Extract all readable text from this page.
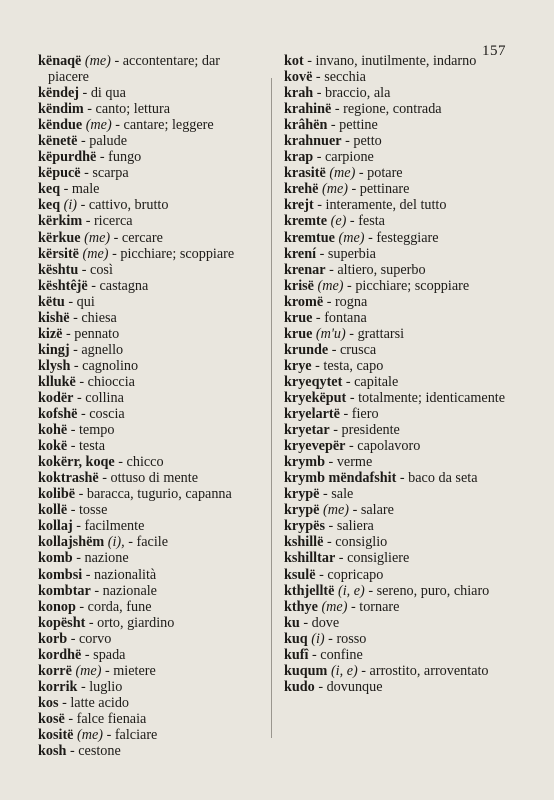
157
kënaqë (me) - accontentare; dar piacere
këndej - di qua
këndim - canto; lettura
këndue (me) - cantare; leggere
kënetë - palude
këpurdhë - fungo
këpucë - scarpa
keq - male
keq (i) - cattivo, brutto
kërkim - ricerca
kërkue (me) - cercare
kërsitë (me) - picchiare; scoppiare
kështu - così
kështêjë - castagna
këtu - qui
kishë - chiesa
kizë - pennato
kingj - agnello
klysh - cagnolino
kllukë - chioccia
kodër - collina
kofshë - coscia
kohë - tempo
kokë - testa
kokërr, koqe - chicco
koktrashë - ottuso di mente
kolibë - baracca, tugurio, capanna
kollë - tosse
kollaj - facilmente
kollajshëm (i), - facile
komb - nazione
kombsi - nazionalità
kombtar - nazionale
konop - corda, fune
kopësht - orto, giardino
korb - corvo
kordhë - spada
korrë (me) - mietere
korrik - luglio
kos - latte acido
kosë - falce fienaia
kositë (me) - falciare
kosh - cestone
kot - invano, inutilmente, indarno
kovë - secchia
krah - braccio, ala
krahinë - regione, contrada
krâhën - pettine
krahnuer - petto
krap - carpione
krasitë (me) - potare
krehë (me) - pettinare
krejt - interamente, del tutto
kremte (e) - festa
kremtue (me) - festeggiare
krení - superbia
krenar - altiero, superbo
krisë (me) - picchiare; scoppiare
kromë - rogna
krue - fontana
krue (m'u) - grattarsi
krunde - crusca
krye - testa, capo
kryeqytet - capitale
kryekëput - totalmente; identicamente
kryelartë - fiero
kryetar - presidente
kryevepër - capolavoro
krymb - verme
krymb mëndafshit - baco da seta
krypë - sale
krypë (me) - salare
krypës - saliera
kshillë - consiglio
kshilltar - consigliere
ksulë - copricapo
kthjelltë (i, e) - sereno, puro, chiaro
kthye (me) - tornare
ku - dove
kuq (i) - rosso
kufî - confine
kuqum (i, e) - arrostito, arroventato
kudo - dovunque
